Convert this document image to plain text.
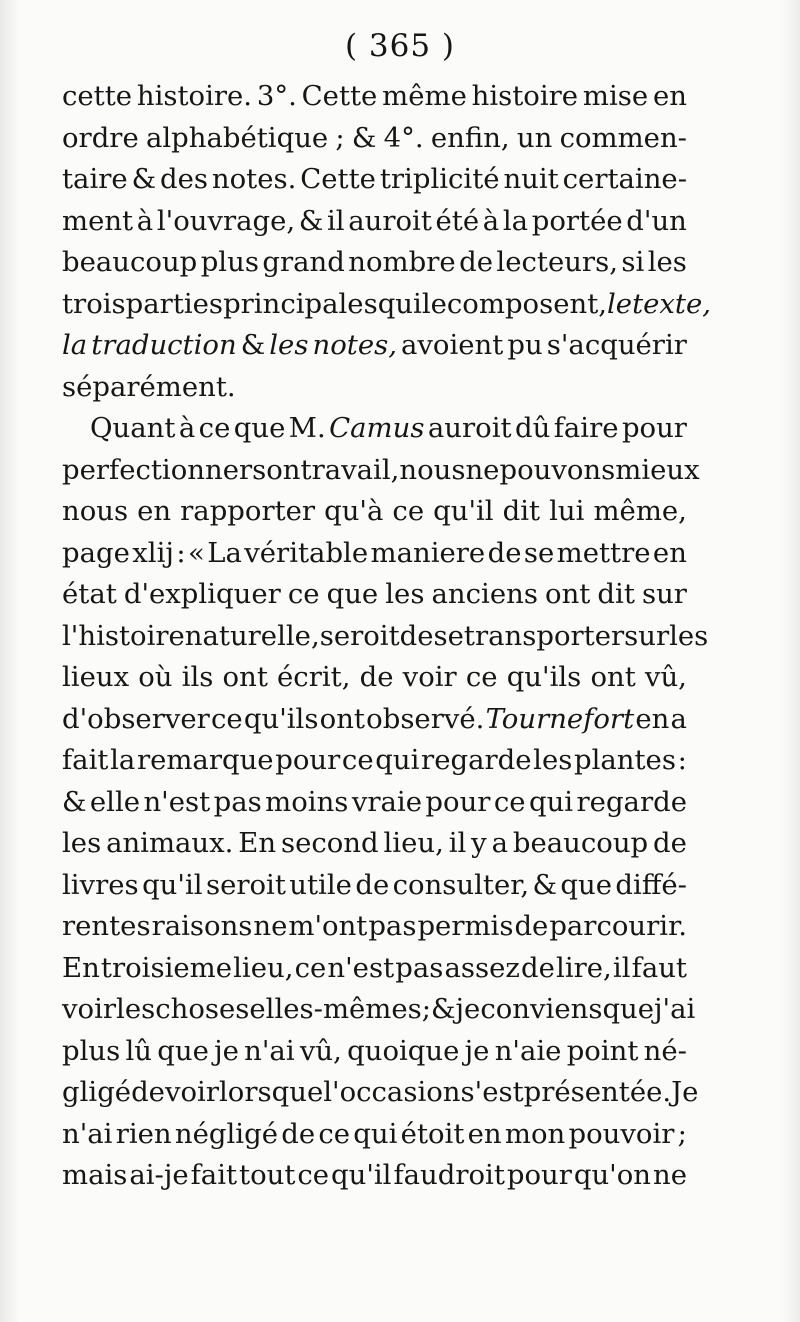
( 365 )
cette histoire. 3°. Cette même histoire mise en
ordre alphabétique ; & 4°. enfin, un commen-
taire & des notes. Cette triplicité nuit certaine-
ment à l'ouvrage, & il auroit été à la portée d'un
beaucoup plus grand nombre de lecteurs, si les
trois parties principales qui le composent, le texte,
la traduction & les notes, avoient pu s'acquérir
séparément.
Quant à ce que M. Camus auroit dû faire pour
perfectionner son travail, nous ne pouvons mieux
nous en rapporter qu'à ce qu'il dit lui même,
page xlij : « La véritable maniere de se mettre en
état d'expliquer ce que les anciens ont dit sur
l'histoire naturelle, seroit de se transporter sur les
lieux où ils ont écrit, de voir ce qu'ils ont vû,
d'observer ce qu'ils ont observé. Tournefort en a
fait la remarque pour ce qui regarde les plantes :
& elle n'est pas moins vraie pour ce qui regarde
les animaux. En second lieu, il y a beaucoup de
livres qu'il seroit utile de consulter, & que diffé-
rentes raisons ne m'ont pas permis de parcourir.
En troisieme lieu, ce n'est pas assez de lire, il faut
voir les choses elles-mêmes ; & je conviens que j'ai
plus lû que je n'ai vû, quoique je n'aie point né-
gligé de voir lorsque l'occasion s'est présentée. Je
n'ai rien négligé de ce qui étoit en mon pouvoir ;
mais ai-je fait tout ce qu'il faudroit pour qu'on ne
